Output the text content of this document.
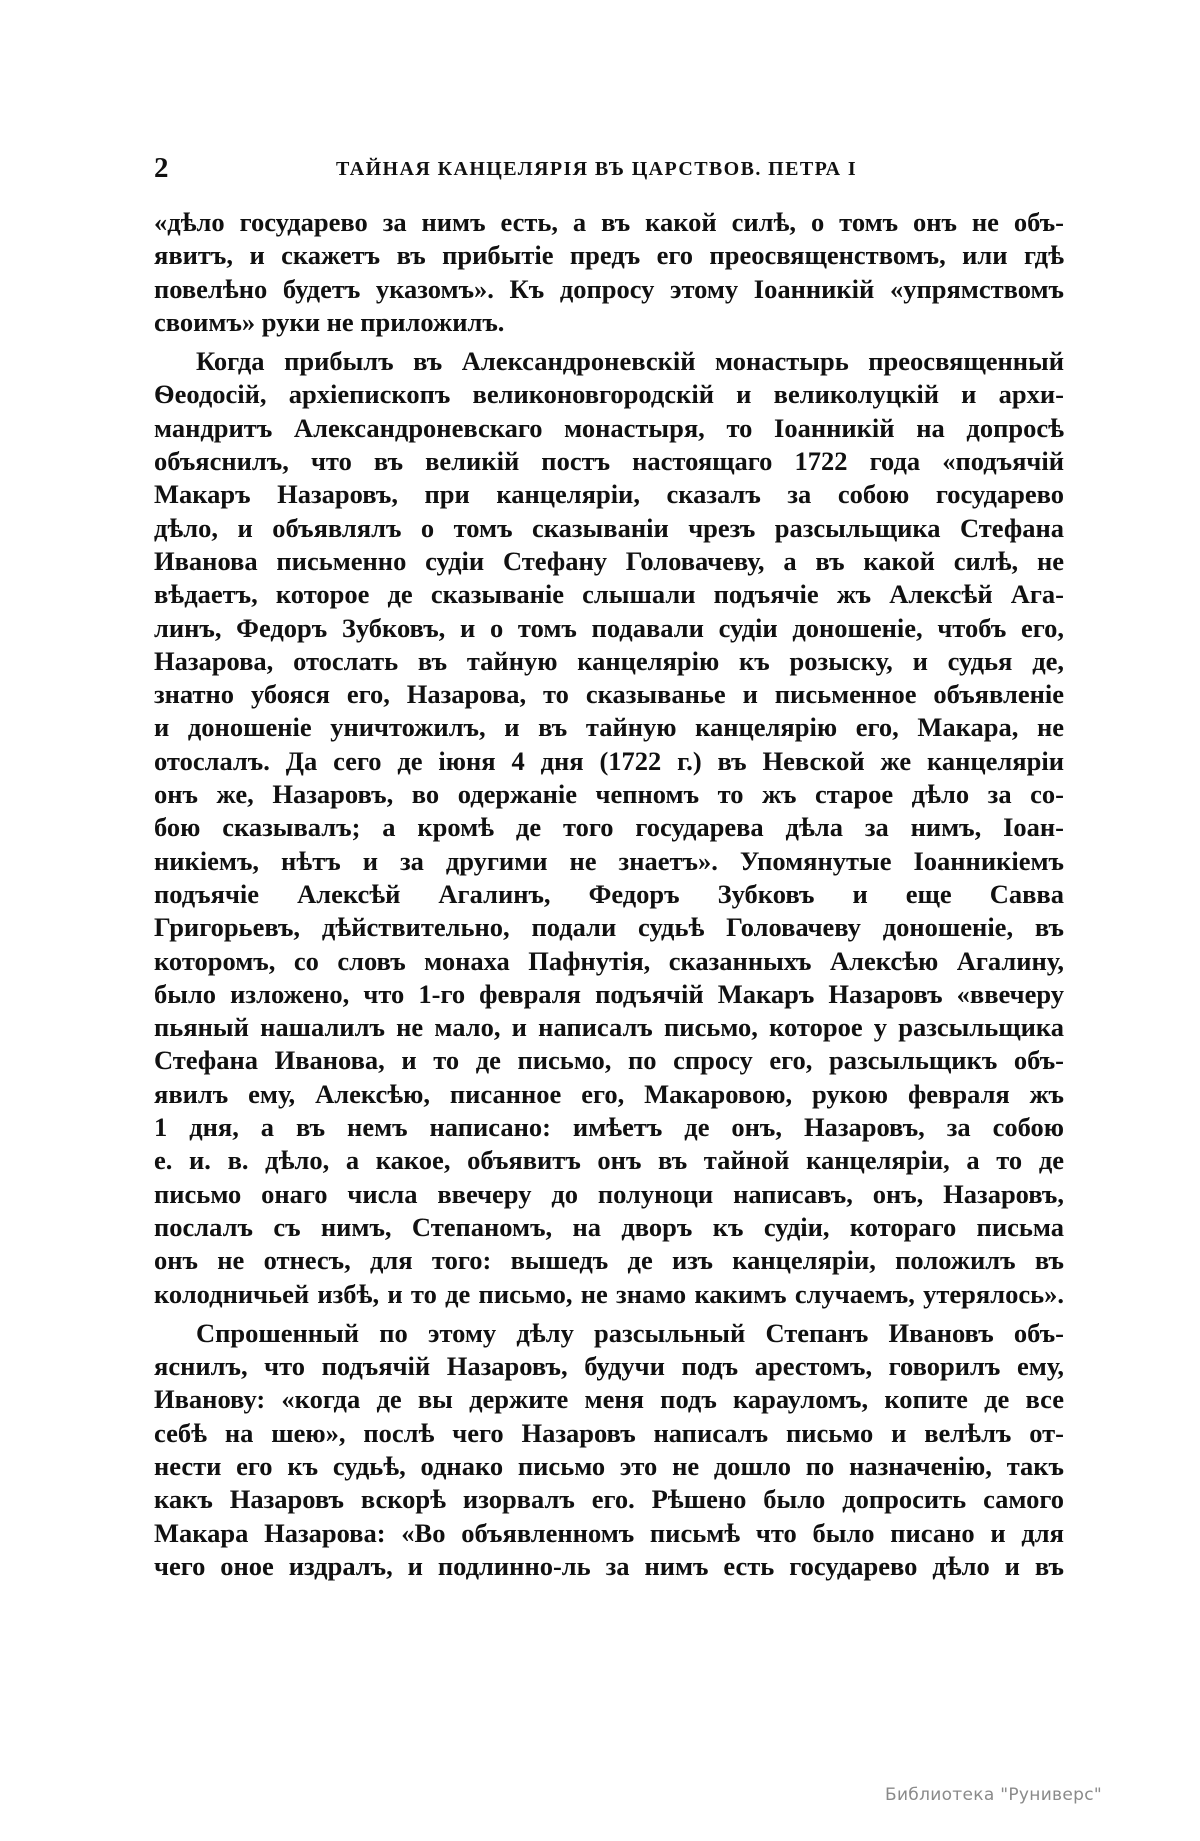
2	ТАЙНАЯ КАНЦЕЛЯРІЯ ВЪ ЦАРСТВОВ. ПЕТРА I
«дѣло государево за нимъ есть, а въ какой силѣ, о томъ онъ не объ-
явитъ, и скажетъ въ прибытіе предъ его преосвященствомъ, или гдѣ
повелѣно будетъ указомъ». Къ допросу этому Іоанникій «упрямствомъ
своимъ» руки не приложилъ.
Когда прибылъ въ Александроневскій монастырь преосвященный
Ѳеодосій, архіепископъ великоновгородскій и великолуцкій и архи-
мандритъ Александроневскаго монастыря, то Іоанникій на допросѣ
объяснилъ, что въ великій постъ настоящаго 1722 года «подъячій
Макаръ Назаровъ, при канцеляріи, сказалъ за собою государево
дѣло, и объявлялъ о томъ сказываніи чрезъ разсыльщика Стефана
Иванова письменно судіи Стефану Головачеву, а въ какой силѣ, не
вѣдаетъ, которое де сказываніе слышали подъячіе жъ Алексѣй Ага-
линъ, Федоръ Зубковъ, и о томъ подавали судіи доношеніе, чтобъ его,
Назарова, отослать въ тайную канцелярію къ розыску, и судья де,
знатно убояся его, Назарова, то сказыванье и письменное объявленіе
и доношеніе уничтожилъ, и въ тайную канцелярію его, Макара, не
отослалъ. Да сего де іюня 4 дня (1722 г.) въ Невской же канцеляріи
онъ же, Назаровъ, во одержаніе чепномъ то жъ старое дѣло за со-
бою сказывалъ; а кромѣ де того государева дѣла за нимъ, Іоан-
никіемъ, нѣтъ и за другими не знаетъ». Упомянутые Іоанникіемъ
подъячіе Алексѣй Агалинъ, Федоръ Зубковъ и еще Савва
Григорьевъ, дѣйствительно, подали судьѣ Головачеву доношеніе, въ
которомъ, со словъ монаха Пафнутія, сказанныхъ Алексѣю Агалину,
было изложено, что 1-го февраля подъячій Макаръ Назаровъ «ввечеру
пьяный нашалилъ не мало, и написалъ письмо, которое у разсыльщика
Стефана Иванова, и то де письмо, по спросу его, разсыльщикъ объ-
явилъ ему, Алексѣю, писанное его, Макаровою, рукою февраля жъ
1 дня, а въ немъ написано: имѣетъ де онъ, Назаровъ, за собою
е. и. в. дѣло, а какое, объявитъ онъ въ тайной канцеляріи, а то де
письмо онаго числа ввечеру до полуноци написавъ, онъ, Назаровъ,
послалъ съ нимъ, Степаномъ, на дворъ къ судіи, котораго письма
онъ не отнесъ, для того: вышедъ де изъ канцеляріи, положилъ въ
колодничьей избѣ, и то де письмо, не знамо какимъ случаемъ, утерялось».
Спрошенный по этому дѣлу разсыльный Степанъ Ивановъ объ-
яснилъ, что подъячій Назаровъ, будучи подъ арестомъ, говорилъ ему,
Иванову: «когда де вы держите меня подъ карауломъ, копите де все
себѣ на шею», послѣ чего Назаровъ написалъ письмо и велѣлъ от-
нести его къ судьѣ, однако письмо это не дошло по назначенію, такъ
какъ Назаровъ вскорѣ изорвалъ его. Рѣшено было допросить самого
Макара Назарова: «Во объявленномъ письмѣ что было писано и для
чего оное издралъ, и подлинно-ль за нимъ есть государево дѣло и въ
Библиотека "Руниверс"
